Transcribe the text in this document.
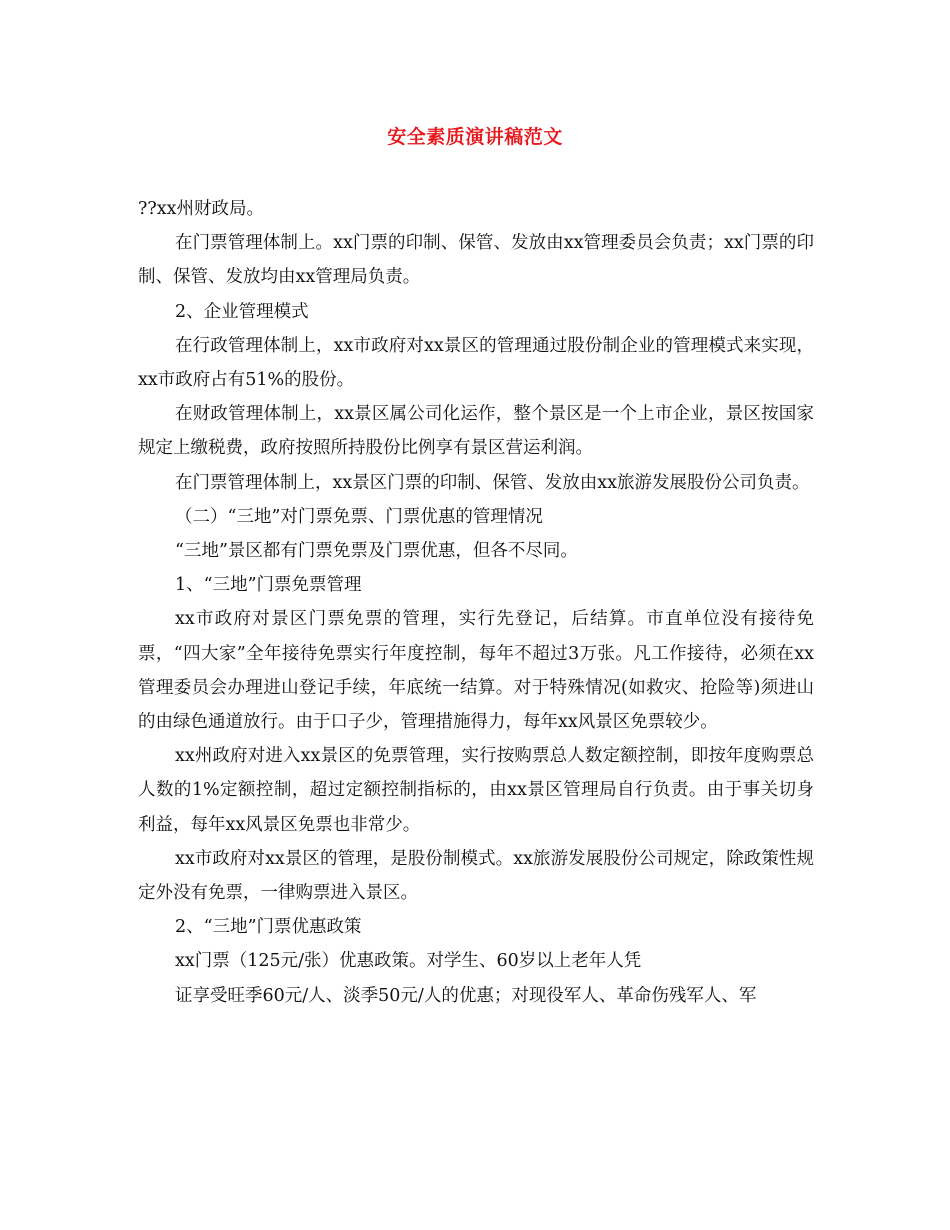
安全素质演讲稿范文

??xx州财政局。

在门票管理体制上。xx门票的印制、保管、发放由xx管理委员会负责；xx门票的印制、保管、发放均由xx管理局负责。

2、企业管理模式

在行政管理体制上，xx市政府对xx景区的管理通过股份制企业的管理模式来实现，xx市政府占有51%的股份。

在财政管理体制上，xx景区属公司化运作，整个景区是一个上市企业，景区按国家规定上缴税费，政府按照所持股份比例享有景区营运利润。

在门票管理体制上，xx景区门票的印制、保管、发放由xx旅游发展股份公司负责。

（二）“三地”对门票免票、门票优惠的管理情况

“三地”景区都有门票免票及门票优惠，但各不尽同。

1、“三地”门票免票管理

xx市政府对景区门票免票的管理，实行先登记，后结算。市直单位没有接待免票，“四大家”全年接待免票实行年度控制，每年不超过3万张。凡工作接待，必须在xx管理委员会办理进山登记手续，年底统一结算。对于特殊情况(如救灾、抢险等)须进山的由绿色通道放行。由于口子少，管理措施得力，每年xx风景区免票较少。

xx州政府对进入xx景区的免票管理，实行按购票总人数定额控制，即按年度购票总人数的1%定额控制，超过定额控制指标的，由xx景区管理局自行负责。由于事关切身利益，每年xx风景区免票也非常少。

xx市政府对xx景区的管理，是股份制模式。xx旅游发展股份公司规定，除政策性规定外没有免票，一律购票进入景区。

2、“三地”门票优惠政策

xx门票（125元/张）优惠政策。对学生、60岁以上老年人凭

证享受旺季60元/人、淡季50元/人的优惠；对现役军人、革命伤残军人、军
